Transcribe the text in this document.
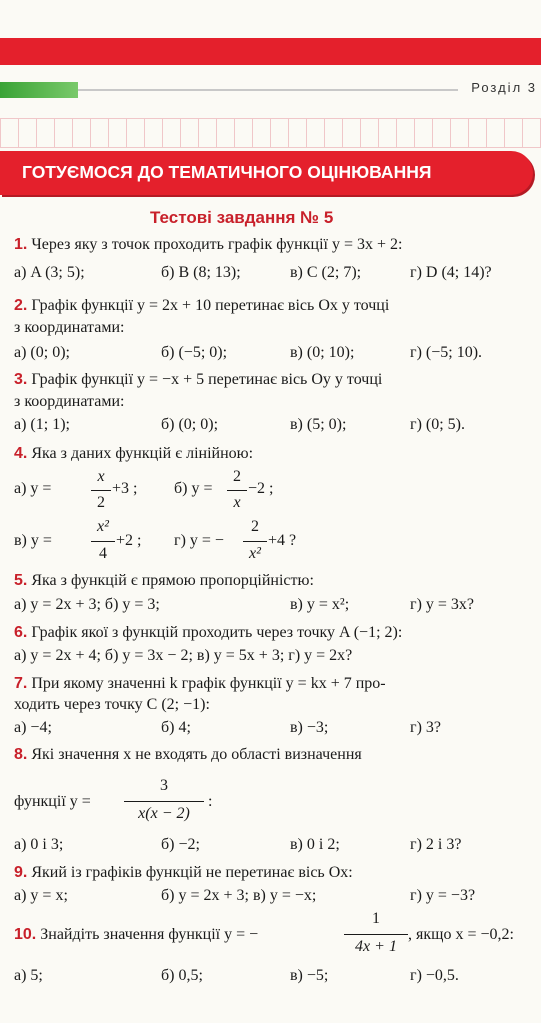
Розділ 3
ГОТУЄМОСЯ ДО ТЕМАТИЧНОГО ОЦІНЮВАННЯ
Тестові завдання № 5
1. Через яку з точок проходить графік функції y = 3x + 2:
а) A (3; 5);	б) B (8; 13);	в) C (2; 7);	г) D (4; 14)?
2. Графік функції y = 2x + 10 перетинає вісь Ox у точці
з координатами:
а) (0; 0);	б) (−5; 0);	в) (0; 10);	г) (−5; 10).
3. Графік функції y = −x + 5 перетинає вісь Oy у точці
з координатами:
а) (1; 1);	б) (0; 0);	в) (5; 0);	г) (0; 5).
4. Яка з даних функцій є лінійною:
а) y =
x
2
+3 ; б) y =
2
x
−2 ;
в) y =
x²
4
+2 ; г) y = −
2
x²
+4 ?
5. Яка з функцій є прямою пропорційністю:
а) y = 2x + 3; б) y = 3;	в) y = x²;	г) y = 3x?
6. Графік якої з функцій проходить через точку A (−1; 2):
а) y = 2x + 4; б) y = 3x − 2; в) y = 5x + 3; г) y = 2x?
7. При якому значенні k графік функції y = kx + 7 про-
ходить через точку C (2; −1):
а) −4;	б) 4;	в) −3;	г) 3?
8. Які значення x не входять до області визначення
функції y =
3
x(x − 2)
:
а) 0 і 3;	б) −2;	в) 0 і 2;	г) 2 і 3?
9. Який із графіків функцій не перетинає вісь Ox:
а) y = x;	б) y = 2x + 3; в) y = −x;	г) y = −3?
10. Знайдіть значення функції y = −
1
4x + 1
, якщо x = −0,2:
а) 5;	б) 0,5;	в) −5;	г) −0,5.
